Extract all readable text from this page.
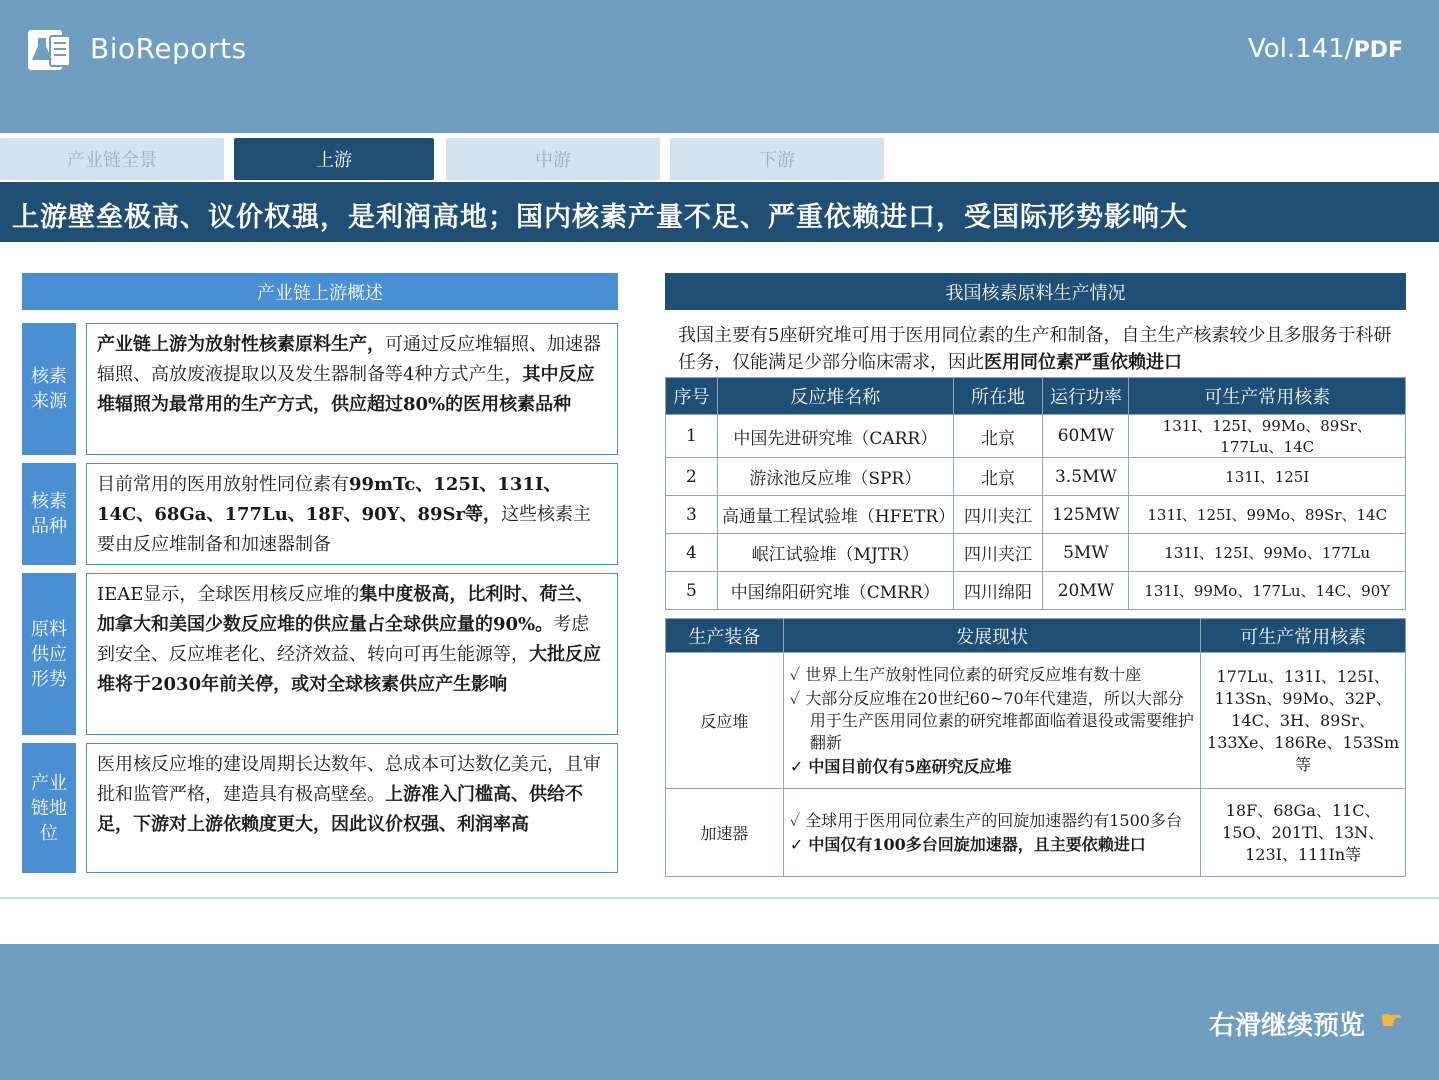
BioReports	Vol.141/PDF
产业链全景	上游	中游	下游
上游壁垒极高、议价权强，是利润高地；国内核素产量不足、严重依赖进口，受国际形势影响大
产业链上游概述
核素来源
产业链上游为放射性核素原料生产，可通过反应堆辐照、加速器辐照、高放废液提取以及发生器制备等4种方式产生，其中反应堆辐照为最常用的生产方式，供应超过80%的医用核素品种
核素品种
目前常用的医用放射性同位素有99mTc、125I、131I、14C、68Ga、177Lu、18F、90Y、89Sr等，这些核素主要由反应堆制备和加速器制备
原料供应形势
IEAE显示，全球医用核反应堆的集中度极高，比利时、荷兰、加拿大和美国少数反应堆的供应量占全球供应量的90%。考虑到安全、反应堆老化、经济效益、转向可再生能源等，大批反应堆将于2030年前关停，或对全球核素供应产生影响
产业链地位
医用核反应堆的建设周期长达数年、总成本可达数亿美元，且审批和监管严格，建造具有极高壁垒。上游准入门槛高、供给不足，下游对上游依赖度更大，因此议价权强、利润率高
我国核素原料生产情况
我国主要有5座研究堆可用于医用同位素的生产和制备，自主生产核素较少且多服务于科研任务，仅能满足少部分临床需求，因此医用同位素严重依赖进口
序号	反应堆名称	所在地	运行功率	可生产常用核素
1	中国先进研究堆（CARR）	北京	60MW	131I、125I、99Mo、89Sr、177Lu、14C
2	游泳池反应堆（SPR）	北京	3.5MW	131I、125I
3	高通量工程试验堆（HFETR）	四川夹江	125MW	131I、125I、99Mo、89Sr、14C
4	岷江试验堆（MJTR）	四川夹江	5MW	131I、125I、99Mo、177Lu
5	中国绵阳研究堆（CMRR）	四川绵阳	20MW	131I、99Mo、177Lu、14C、90Y
生产装备	发展现状	可生产常用核素
反应堆	✓ 世界上生产放射性同位素的研究反应堆有数十座

✓ 大部分反应堆在20世纪60~70年代建造，所以大部分用于生产医用同位素的研究堆都面临着退役或需要维护翻新

✓ 中国目前仅有5座研究反应堆	177Lu、131I、125I、113Sn、99Mo、32P、14C、3H、89Sr、133Xe、186Re、153Sm等
加速器	✓ 全球用于医用同位素生产的回旋加速器约有1500多台

✓ 中国仅有100多台回旋加速器，且主要依赖进口	18F、68Ga、11C、15O、201Tl、13N、123I、111In等
右滑继续预览 ☛
